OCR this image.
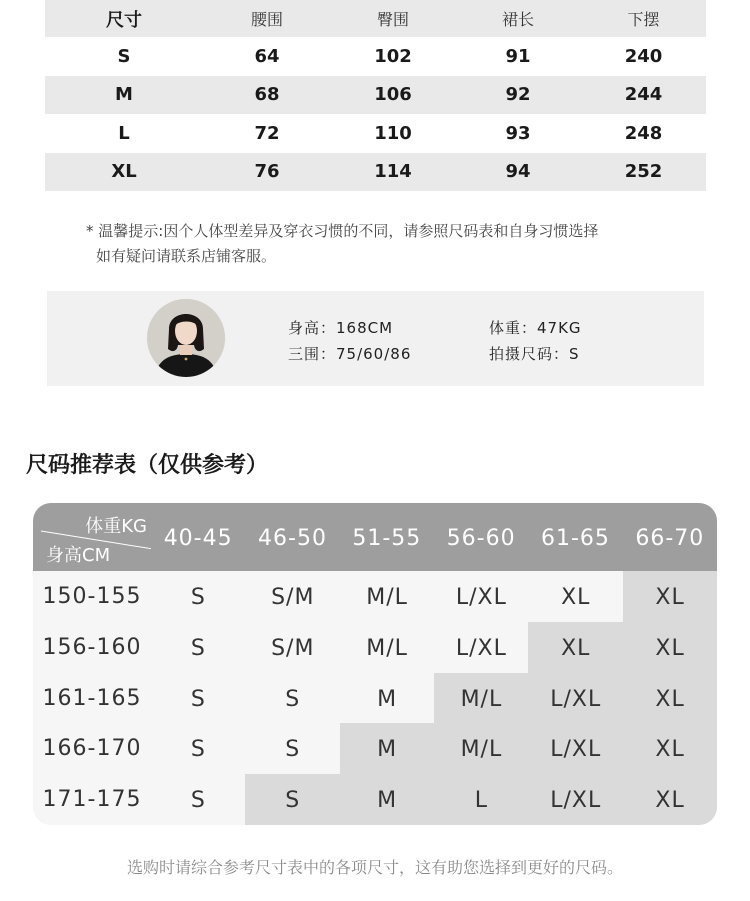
尺寸	腰围	臀围	裙长	下摆
S	64	102	91	240
M	68	106	92	244
L	72	110	93	248
XL	76	114	94	252
* 温馨提示:因个人体型差异及穿衣习惯的不同，请参照尺码表和自身习惯选择
如有疑问请联系店铺客服。
身高：168CM	体重：47KG
三围：75/60/86	拍摄尺码：S
尺码推荐表（仅供参考）
体重KG
身高CM
40-45	46-50	51-55	56-60	61-65	66-70
150-155	S	S/M	M/L	L/XL	XL	XL
156-160	S	S/M	M/L	L/XL	XL	XL
161-165	S	S	M	M/L	L/XL	XL
166-170	S	S	M	M/L	L/XL	XL
171-175	S	S	M	L	L/XL	XL
选购时请综合参考尺寸表中的各项尺寸，这有助您选择到更好的尺码。
